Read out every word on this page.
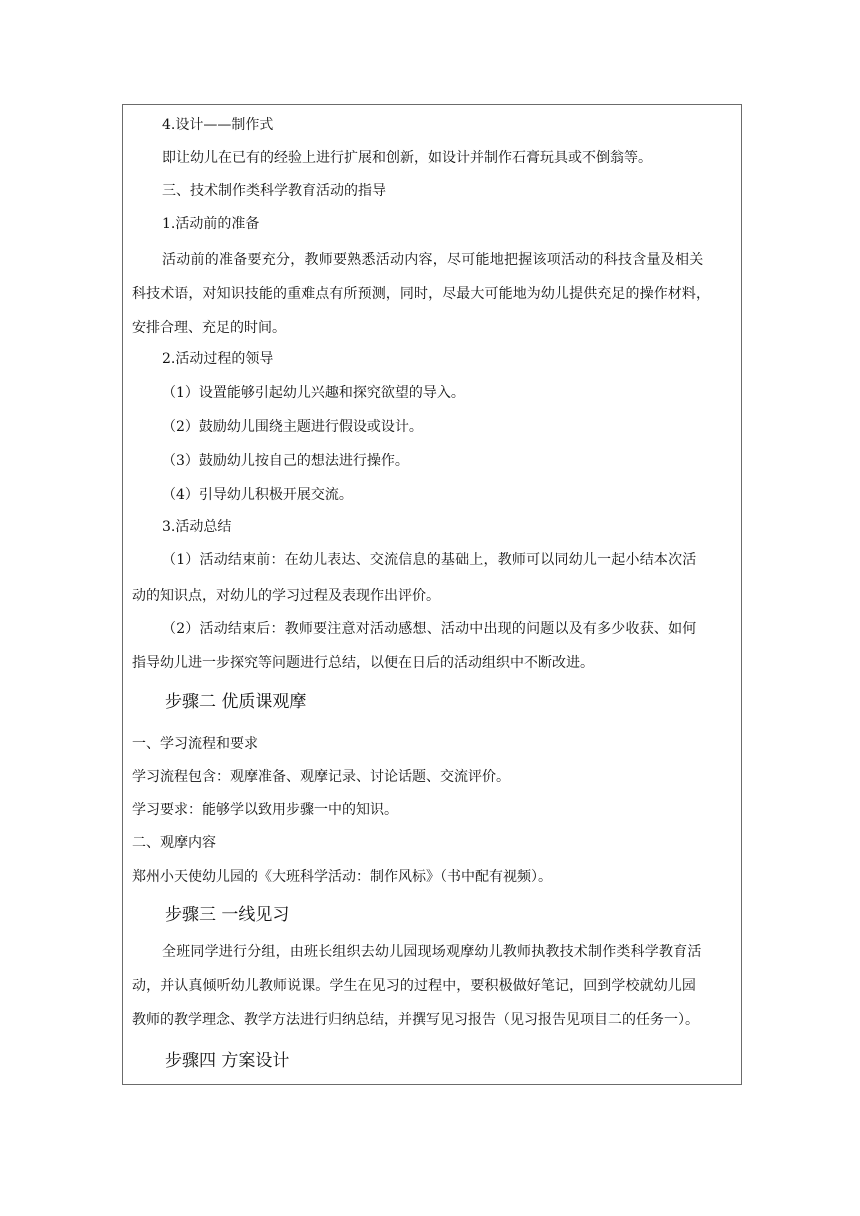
4.设计——制作式
即让幼儿在已有的经验上进行扩展和创新，如设计并制作石膏玩具或不倒翁等。
三、技术制作类科学教育活动的指导
1.活动前的准备
活动前的准备要充分，教师要熟悉活动内容，尽可能地把握该项活动的科技含量及相关
科技术语，对知识技能的重难点有所预测，同时，尽最大可能地为幼儿提供充足的操作材料，
安排合理、充足的时间。
2.活动过程的领导
（1）设置能够引起幼儿兴趣和探究欲望的导入。
（2）鼓励幼儿围绕主题进行假设或设计。
（3）鼓励幼儿按自己的想法进行操作。
（4）引导幼儿积极开展交流。
3.活动总结
（1）活动结束前：在幼儿表达、交流信息的基础上，教师可以同幼儿一起小结本次活
动的知识点，对幼儿的学习过程及表现作出评价。
（2）活动结束后：教师要注意对活动感想、活动中出现的问题以及有多少收获、如何
指导幼儿进一步探究等问题进行总结，以便在日后的活动组织中不断改进。
步骤二 优质课观摩
一、学习流程和要求
学习流程包含：观摩准备、观摩记录、讨论话题、交流评价。
学习要求：能够学以致用步骤一中的知识。
二、观摩内容
郑州小天使幼儿园的《大班科学活动：制作风标》（书中配有视频）。
步骤三 一线见习
全班同学进行分组，由班长组织去幼儿园现场观摩幼儿教师执教技术制作类科学教育活
动，并认真倾听幼儿教师说课。学生在见习的过程中，要积极做好笔记，回到学校就幼儿园
教师的教学理念、教学方法进行归纳总结，并撰写见习报告（见习报告见项目二的任务一）。
步骤四 方案设计
